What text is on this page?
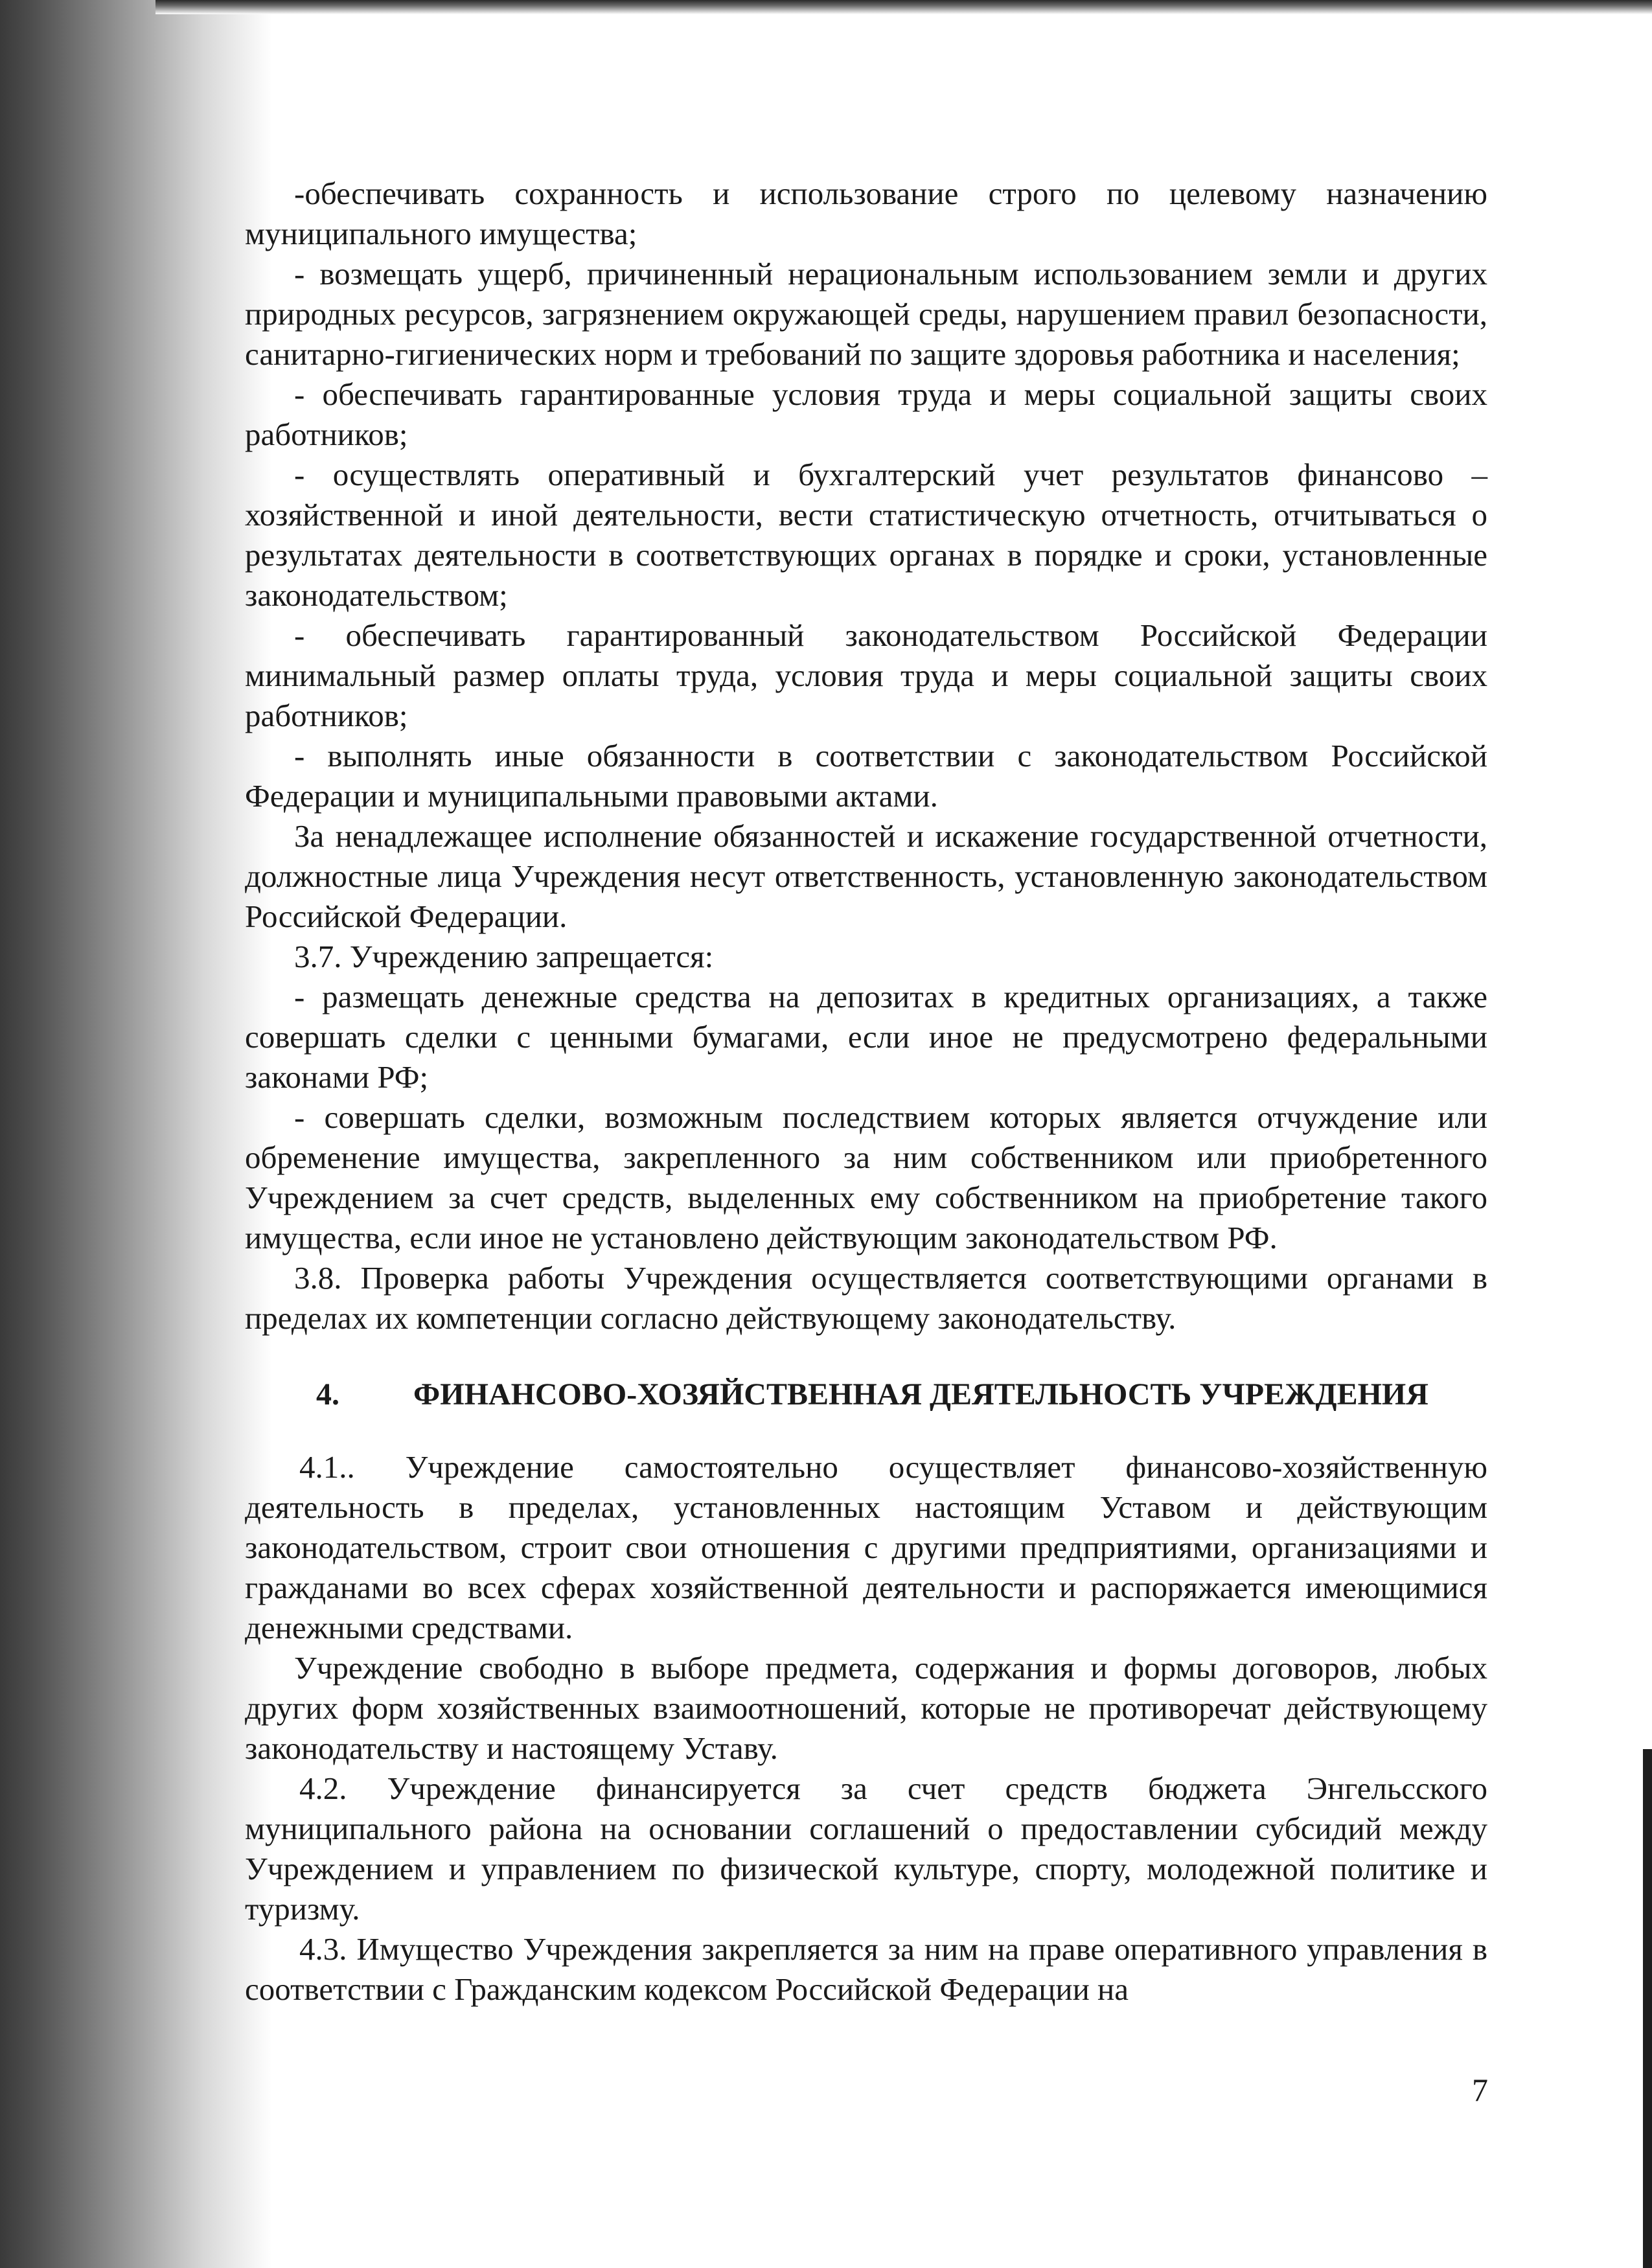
-обеспечивать сохранность и использование строго по целевому назначению муниципального имущества;

- возмещать ущерб, причиненный нерациональным использованием земли и других природных ресурсов, загрязнением окружающей среды, нарушением правил безопасности, санитарно-гигиенических норм и требований по защите здоровья работника и населения;

- обеспечивать гарантированные условия труда и меры социальной защиты своих работников;

- осуществлять оперативный и бухгалтерский учет результатов финансово – хозяйственной и иной деятельности, вести статистическую отчетность, отчитываться о результатах деятельности в соответствующих органах в порядке и сроки, установленные законодательством;

- обеспечивать гарантированный законодательством Российской Федерации минимальный размер оплаты труда, условия труда и меры социальной защиты своих работников;

- выполнять иные обязанности в соответствии с законодательством Российской Федерации и муниципальными правовыми актами.

За ненадлежащее исполнение обязанностей и искажение государственной отчетности, должностные лица Учреждения несут ответственность, установленную законодательством Российской Федерации.

3.7. Учреждению запрещается:

- размещать денежные средства на депозитах в кредитных организациях, а также совершать сделки с ценными бумагами, если иное не предусмотрено федеральными законами РФ;

- совершать сделки, возможным последствием которых является отчуждение или обременение имущества, закрепленного за ним собственником или приобретенного Учреждением за счет средств, выделенных ему собственником на приобретение такого имущества, если иное не установлено действующим законодательством РФ.

3.8. Проверка работы Учреждения осуществляется соответствующими органами в пределах их компетенции согласно действующему законодательству.

4. ФИНАНСОВО-ХОЗЯЙСТВЕННАЯ ДЕЯТЕЛЬНОСТЬ УЧРЕЖДЕНИЯ

4.1.. Учреждение самостоятельно осуществляет финансово-хозяйственную деятельность в пределах, установленных настоящим Уставом и действующим законодательством, строит свои отношения с другими предприятиями, организациями и гражданами во всех сферах хозяйственной деятельности и распоряжается имеющимися денежными средствами.

Учреждение свободно в выборе предмета, содержания и формы договоров, любых других форм хозяйственных взаимоотношений, которые не противоречат действующему законодательству и настоящему Уставу.

4.2. Учреждение финансируется за счет средств бюджета Энгельсского муниципального района на основании соглашений о предоставлении субсидий между Учреждением и управлением по физической культуре, спорту, молодежной политике и туризму.

4.3. Имущество Учреждения закрепляется за ним на праве оперативного управления в соответствии с Гражданским кодексом Российской Федерации на

7
